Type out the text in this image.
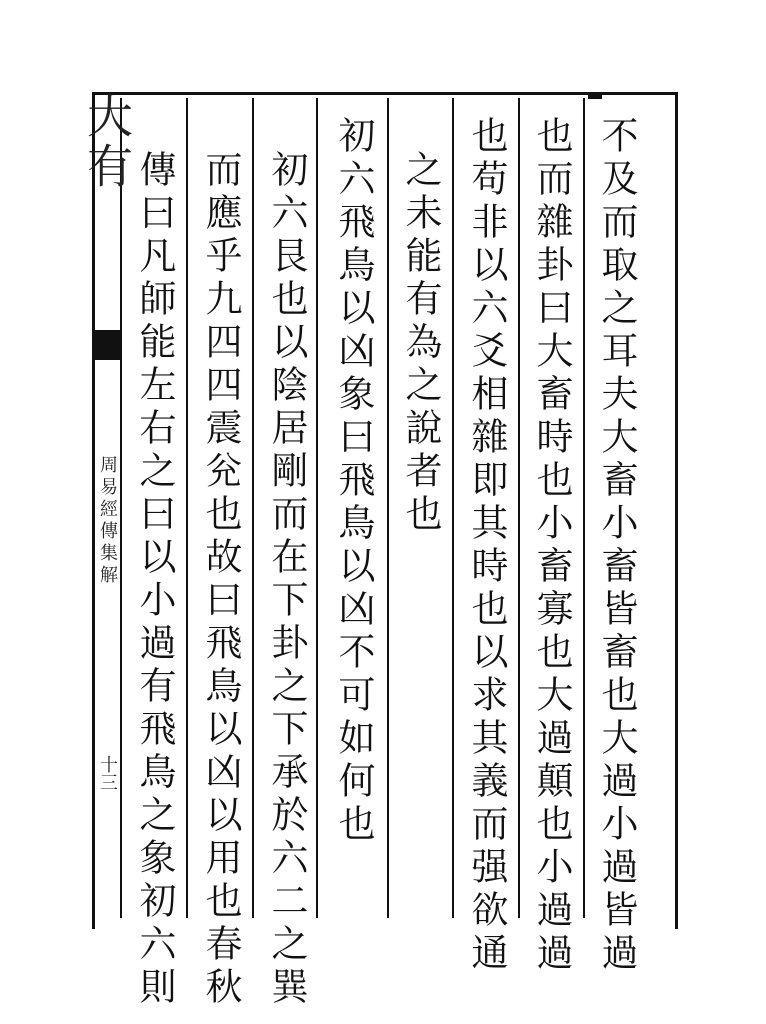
大有
周易經傳集解
十三	不及而取之耳夫大畜小畜皆畜也大過小過皆過
也而雜卦曰大畜時也小畜寡也大過顛也小過過
也苟非以六爻相雜即其時也以求其義而强欲通
之未能有為之說者也
初六飛鳥以凶象曰飛鳥以凶不可如何也
初六艮也以陰居剛而在下卦之下承於六二之巽
而應乎九四四震兊也故曰飛鳥以凶以用也春秋
傳曰凡師能左右之曰以小過有飛鳥之象初六則
